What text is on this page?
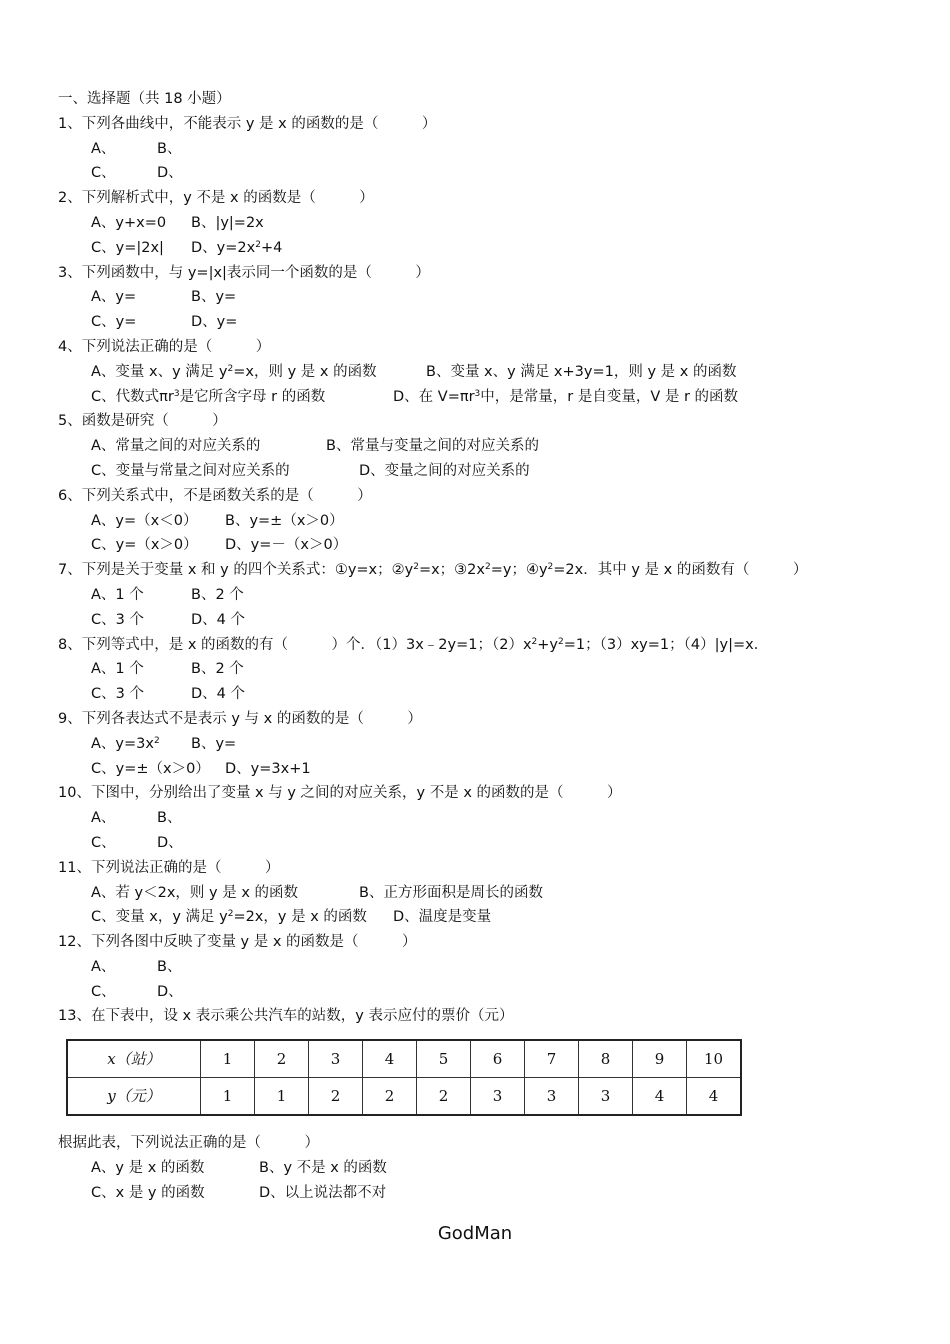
一、选择题（共 18 小题）
1、下列各曲线中，不能表示 y 是 x 的函数的是（　　　）
A、	B、
C、	D、
2、下列解析式中，y 不是 x 的函数是（　　　）
A、y+x=0 B、|y|=2x
C、y=|2x| D、$y=2x^2+4$
3、下列函数中，与 y=|x|表示同一个函数的是（　　　）
A、y=	B、y=
C、y=	D、y=
4、下列说法正确的是（　　　）
A、变量 x、y 满足 $y^2=x$，则 y 是 x 的函数	B、变量 x、y 满足 x+3y=1，则 y 是 x 的函数
C、代数式$\pi r^3$是它所含字母 r 的函数	D、在 $V=\pi r^3$中，是常量，r 是自变量，V 是 r 的函数
5、函数是研究（　　　）
A、常量之间的对应关系的	B、常量与变量之间的对应关系的
C、变量与常量之间对应关系的	D、变量之间的对应关系的
6、下列关系式中，不是函数关系的是（　　　）
A、y=（x＜0） B、y=±（x＞0）
C、y=（x＞0） D、y=－（x＞0）
7、下列是关于变量 x 和 y 的四个关系式：①y=x；$②y^2=x$；$③2x^2=y$；$④y^2=2x$．其中 y 是 x 的函数有（　　　）
A、1 个	B、2 个
C、3 个	D、4 个
8、下列等式中，是 x 的函数的有（　　　）个．（1）3x﹣2y=1；$(2)x^2+y^2=1$；（3）xy=1；（4）|y|=x．
A、1 个	B、2 个
C、3 个	D、4 个
9、下列各表达式不是表示 y 与 x 的函数的是（　　　）
A、$y=3x^2$ B、y=
C、y=±（x＞0） D、y=3x+1
10、下图中，分别给出了变量 x 与 y 之间的对应关系，y 不是 x 的函数的是（　　　）
A、	B、
C、	D、
11、下列说法正确的是（　　　）
A、若 y＜2x，则 y 是 x 的函数	B、正方形面积是周长的函数
C、变量 x，y 满足 $y^2=2x$，y 是 x 的函数 D、温度是变量
12、下列各图中反映了变量 y 是 x 的函数是（　　　）
A、	B、
C、	D、
13、在下表中，设 x 表示乘公共汽车的站数，y 表示应付的票价（元）
x（站）	1	2	3	4	5	6	7	8	9	10
y（元）	1	1	2	2	2	3	3	3	4	4
根据此表，下列说法正确的是（　　　）
A、y 是 x 的函数	B、y 不是 x 的函数
C、x 是 y 的函数	D、以上说法都不对
GodMan
